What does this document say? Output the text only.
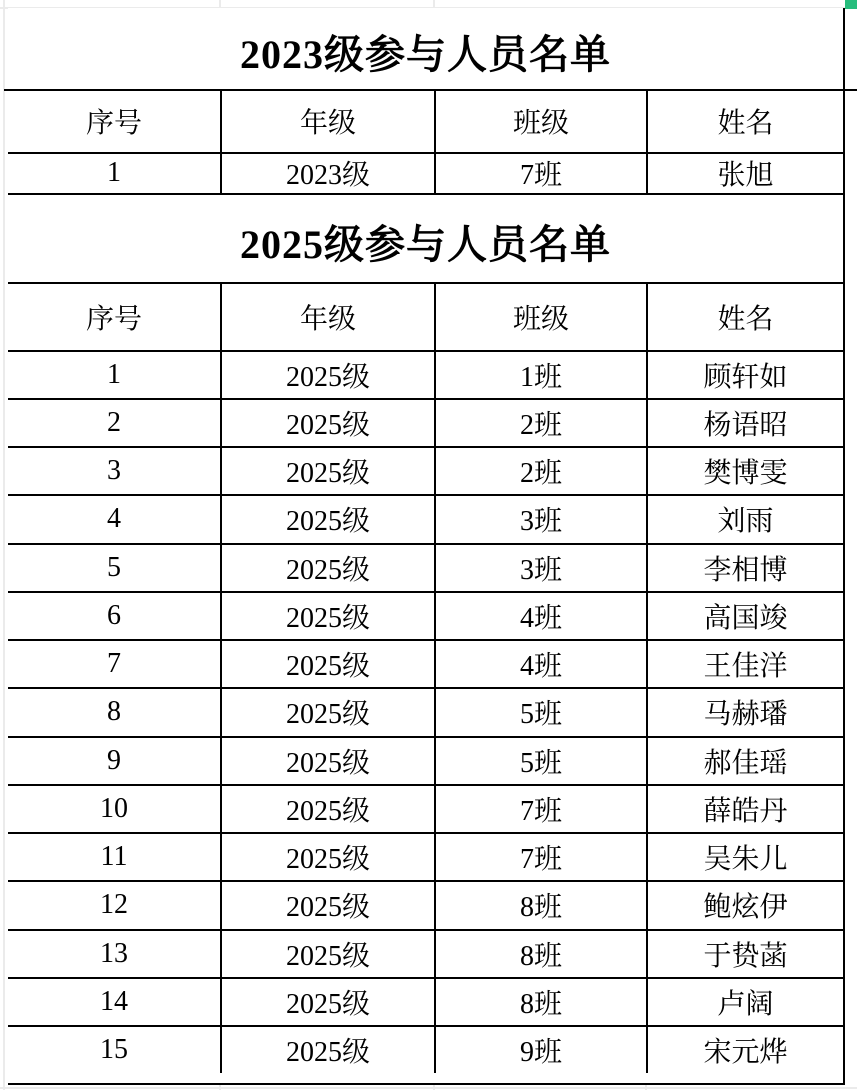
2023级参与人员名单
序号	年级	班级	姓名
1	2023级	7班	张旭
2025级参与人员名单
序号	年级	班级	姓名
1	2025级	1班	顾轩如
2	2025级	2班	杨语昭
3	2025级	2班	樊博雯
4	2025级	3班	刘雨
5	2025级	3班	李相博
6	2025级	4班	高国竣
7	2025级	4班	王佳洋
8	2025级	5班	马赫璠
9	2025级	5班	郝佳瑶
10	2025级	7班	薛皓丹
11	2025级	7班	吴朱儿
12	2025级	8班	鲍炫伊
13	2025级	8班	于贽菡
14	2025级	8班	卢阔
15	2025级	9班	宋元烨
